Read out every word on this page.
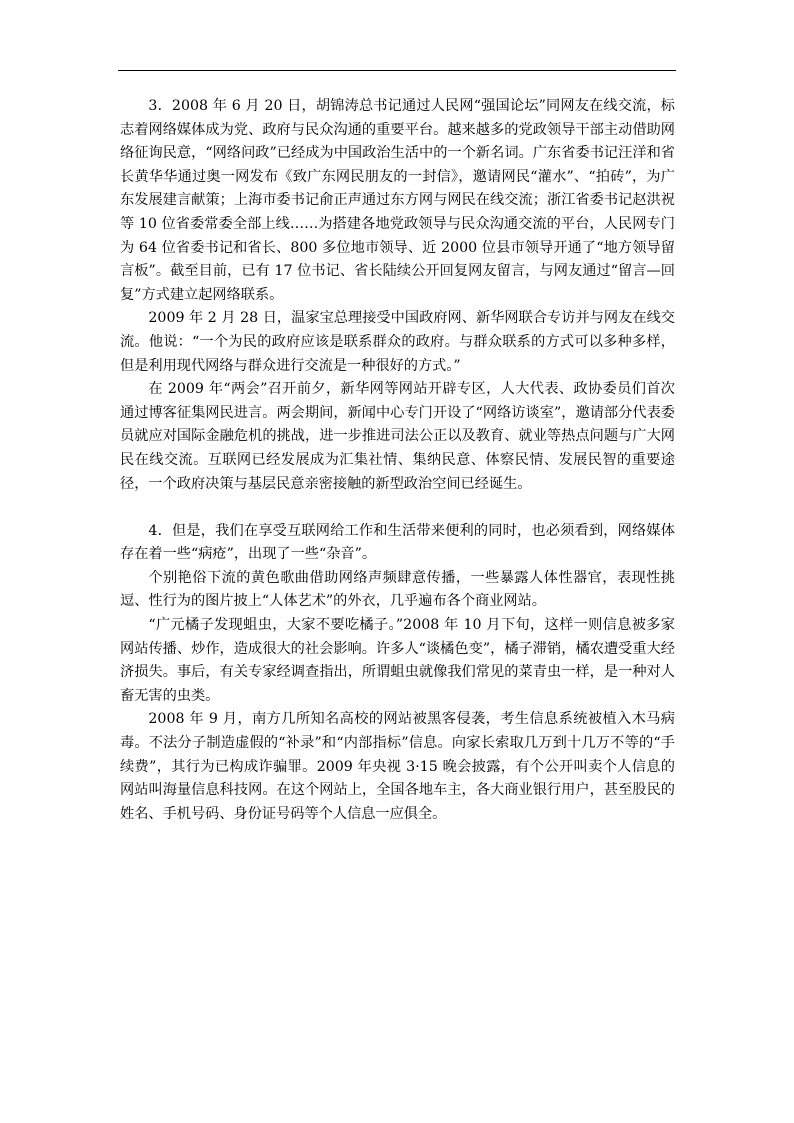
3．2008 年 6 月 20 日，胡锦涛总书记通过人民网“强国论坛”同网友在线交流，标志着网络媒体成为党、政府与民众沟通的重要平台。越来越多的党政领导干部主动借助网络征询民意，“网络问政”已经成为中国政治生活中的一个新名词。广东省委书记汪洋和省长黄华华通过奥一网发布《致广东网民朋友的一封信》，邀请网民“灌水”、“拍砖”，为广东发展建言献策；上海市委书记俞正声通过东方网与网民在线交流；浙江省委书记赵洪祝等 10 位省委常委全部上线……为搭建各地党政领导与民众沟通交流的平台，人民网专门为 64 位省委书记和省长、800 多位地市领导、近 2000 位县市领导开通了“地方领导留言板”。截至目前，已有 17 位书记、省长陆续公开回复网友留言，与网友通过“留言—回复”方式建立起网络联系。

2009 年 2 月 28 日，温家宝总理接受中国政府网、新华网联合专访并与网友在线交流。他说：“一个为民的政府应该是联系群众的政府。与群众联系的方式可以多种多样，但是利用现代网络与群众进行交流是一种很好的方式。”

在 2009 年“两会”召开前夕，新华网等网站开辟专区，人大代表、政协委员们首次通过博客征集网民进言。两会期间，新闻中心专门开设了“网络访谈室”，邀请部分代表委员就应对国际金融危机的挑战，进一步推进司法公正以及教育、就业等热点问题与广大网民在线交流。互联网已经发展成为汇集社情、集纳民意、体察民情、发展民智的重要途径，一个政府决策与基层民意亲密接触的新型政治空间已经诞生。

4．但是，我们在享受互联网给工作和生活带来便利的同时，也必须看到，网络媒体存在着一些“病疮”，出现了一些“杂音”。

个别艳俗下流的黄色歌曲借助网络声频肆意传播，一些暴露人体性器官，表现性挑逗、性行为的图片披上“人体艺术”的外衣，几乎遍布各个商业网站。

“广元橘子发现蛆虫，大家不要吃橘子。”2008 年 10 月下旬，这样一则信息被多家网站传播、炒作，造成很大的社会影响。许多人“谈橘色变”，橘子滞销，橘农遭受重大经济损失。事后，有关专家经调查指出，所谓蛆虫就像我们常见的菜青虫一样，是一种对人畜无害的虫类。

2008 年 9 月，南方几所知名高校的网站被黑客侵袭，考生信息系统被植入木马病毒。不法分子制造虚假的“补录”和“内部指标”信息。向家长索取几万到十几万不等的“手续费”，其行为已构成诈骗罪。2009 年央视 3·15 晚会披露，有个公开叫卖个人信息的网站叫海量信息科技网。在这个网站上，全国各地车主，各大商业银行用户，甚至股民的姓名、手机号码、身份证号码等个人信息一应俱全。
